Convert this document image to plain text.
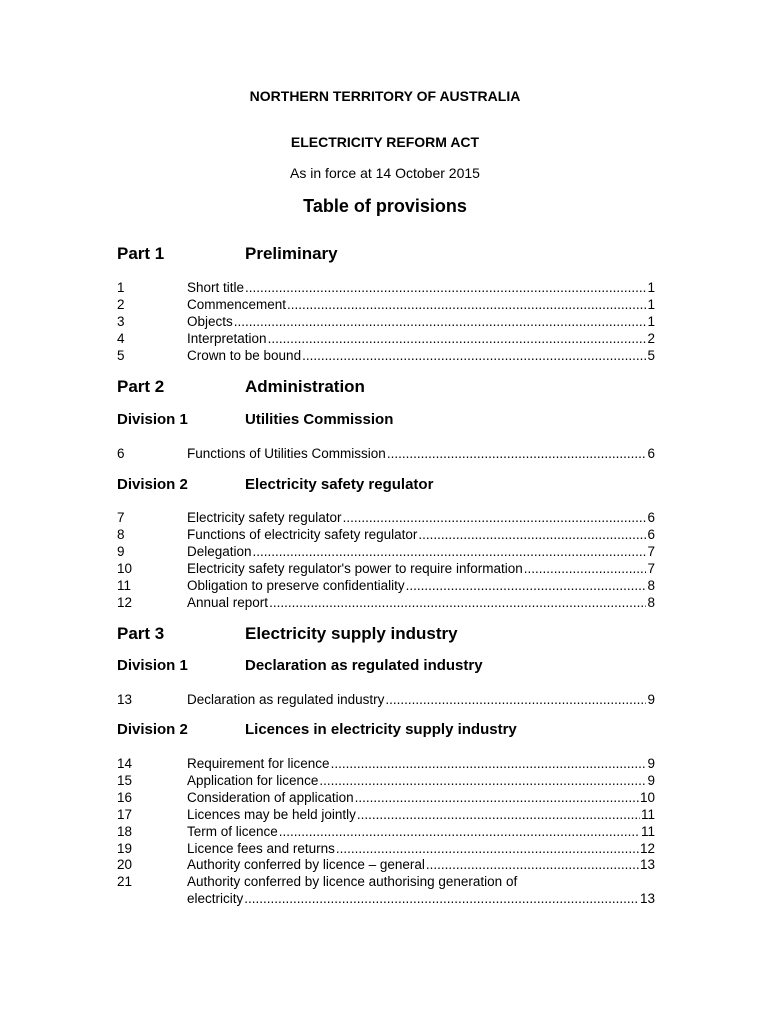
NORTHERN TERRITORY OF AUSTRALIA
ELECTRICITY REFORM ACT
As in force at 14 October 2015
Table of provisions
Part 1	Preliminary
1	Short title .....	1
2	Commencement .....	1
3	Objects .....	1
4	Interpretation .....	2
5	Crown to be bound .....	5
Part 2	Administration
Division 1	Utilities Commission
6	Functions of Utilities Commission .....	6
Division 2	Electricity safety regulator
7	Electricity safety regulator .....	6
8	Functions of electricity safety regulator .....	6
9	Delegation .....	7
10	Electricity safety regulator's power to require information .....	7
11	Obligation to preserve confidentiality .....	8
12	Annual report .....	8
Part 3	Electricity supply industry
Division 1	Declaration as regulated industry
13	Declaration as regulated industry .....	9
Division 2	Licences in electricity supply industry
14	Requirement for licence .....	9
15	Application for licence .....	9
16	Consideration of application .....	10
17	Licences may be held jointly .....	11
18	Term of licence .....	11
19	Licence fees and returns .....	12
20	Authority conferred by licence – general .....	13
21	Authority conferred by licence authorising generation of
electricity .....	13
